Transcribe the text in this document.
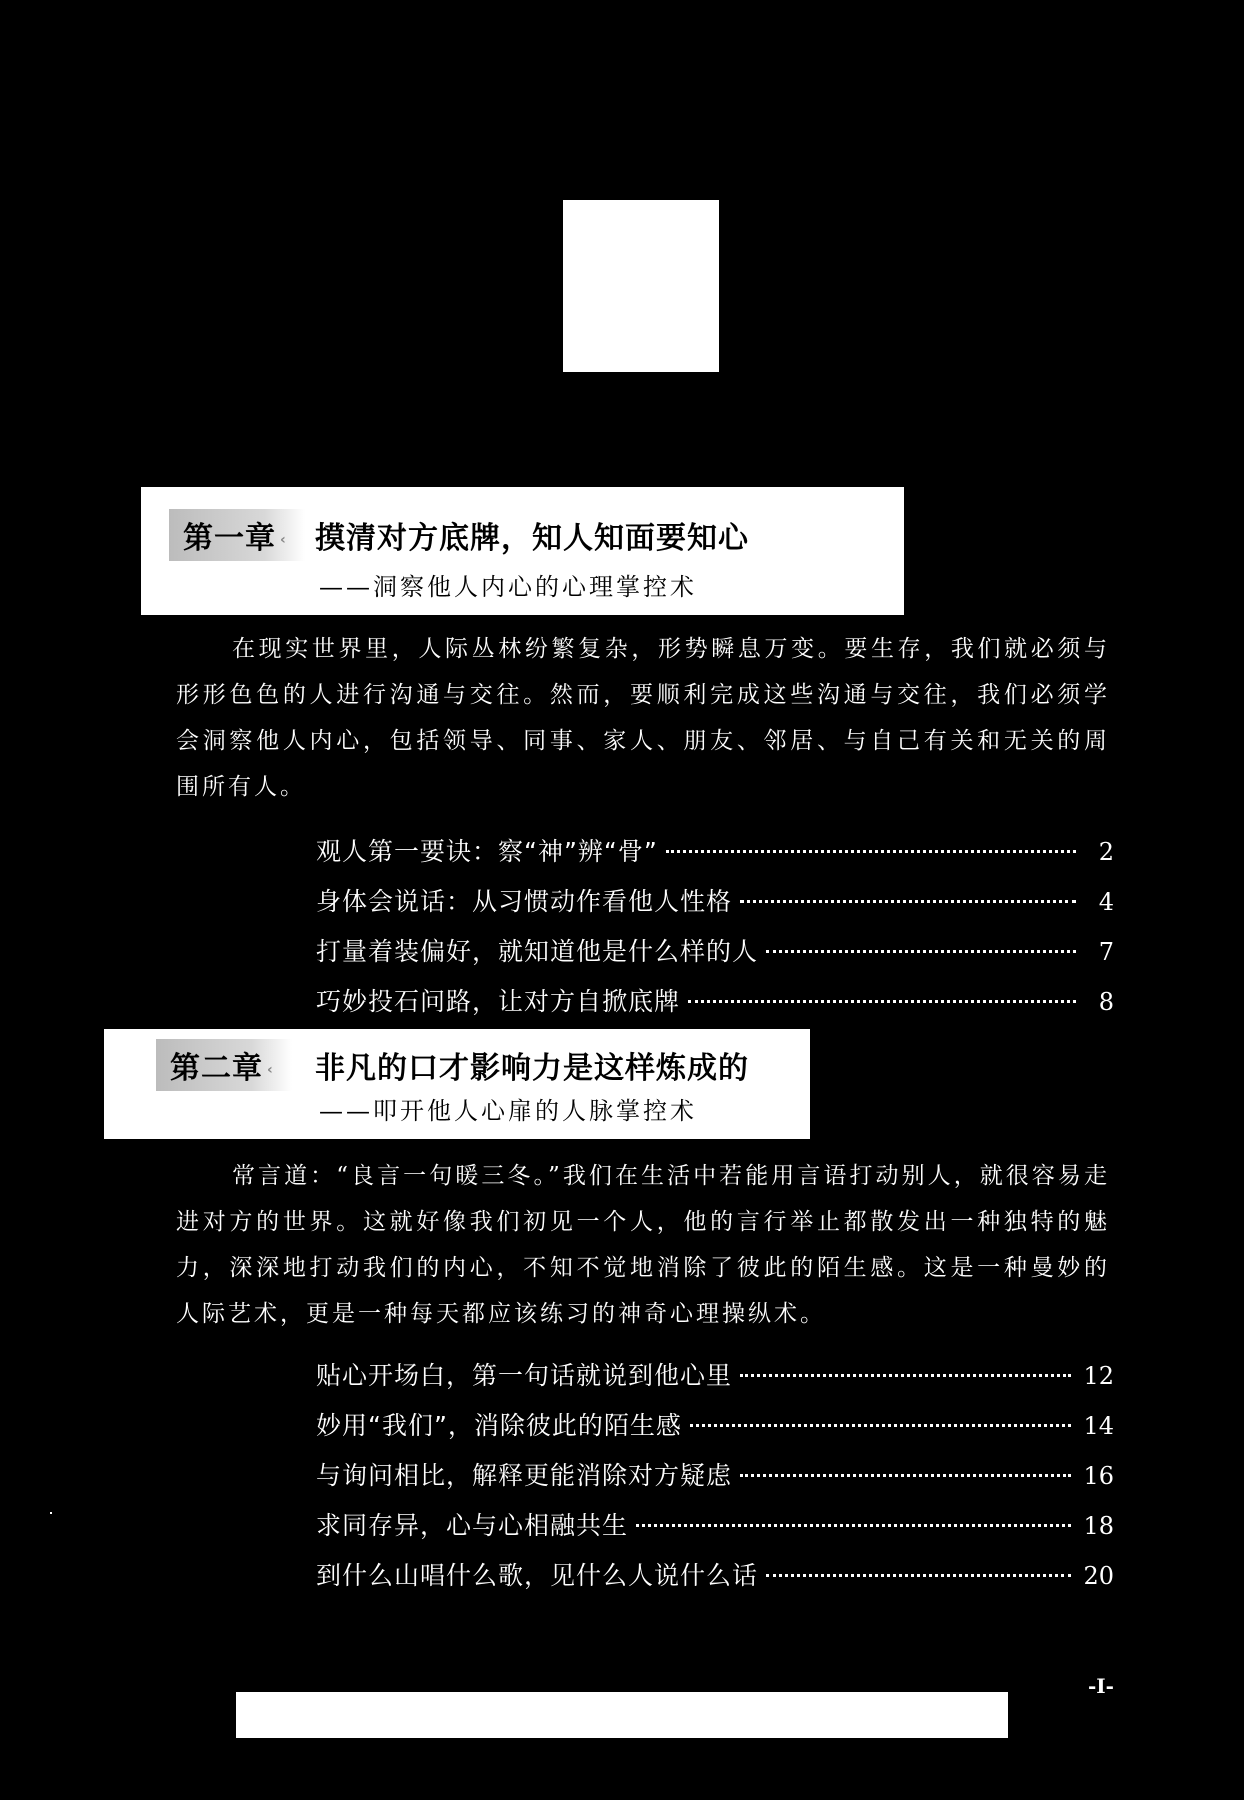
第一章 ‹ 摸清对方底牌，知人知面要知心
——洞察他人内心的心理掌控术

在现实世界里，人际丛林纷繁复杂，形势瞬息万变。要生存，我们就必须与形形色色的人进行沟通与交往。然而，要顺利完成这些沟通与交往，我们必须学会洞察他人内心，包括领导、同事、家人、朋友、邻居、与自己有关和无关的周围所有人。

观人第一要诀：察“神”辨“骨”	2
身体会说话：从习惯动作看他人性格	4
打量着装偏好，就知道他是什么样的人	7
巧妙投石问路，让对方自掀底牌	8
第二章 ‹	非凡的口才影响力是这样炼成的
——叩开他人心扉的人脉掌控术

常言道：“良言一句暖三冬。”我们在生活中若能用言语打动别人，就很容易走进对方的世界。这就好像我们初见一个人，他的言行举止都散发出一种独特的魅力，深深地打动我们的内心，不知不觉地消除了彼此的陌生感。这是一种曼妙的人际艺术，更是一种每天都应该练习的神奇心理操纵术。

贴心开场白，第一句话就说到他心里	12
妙用“我们”，消除彼此的陌生感	14
与询问相比，解释更能消除对方疑虑	16
求同存异，心与心相融共生	18
到什么山唱什么歌，见什么人说什么话	20
-I-
